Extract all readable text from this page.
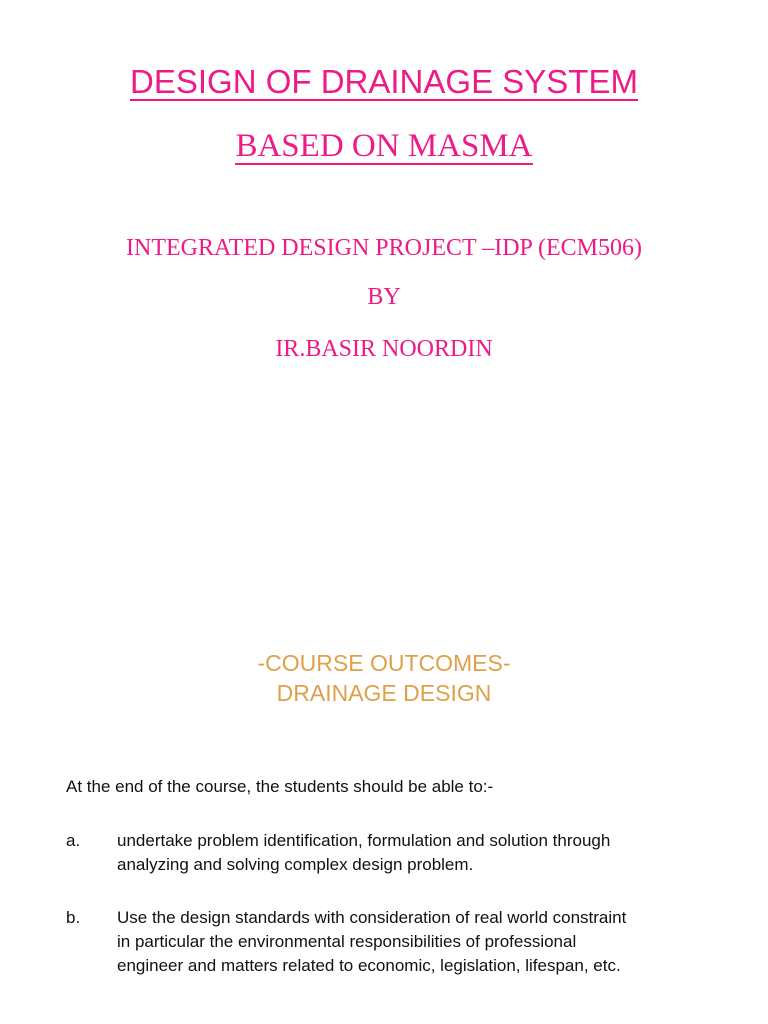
DESIGN OF DRAINAGE SYSTEM
BASED ON MASMA
INTEGRATED DESIGN PROJECT –IDP (ECM506)
BY
IR.BASIR NOORDIN
-COURSE OUTCOMES-
DRAINAGE DESIGN
At the end of the course, the students should be able to:-
a. undertake problem identification, formulation and solution through
analyzing and solving complex design problem.
b. Use the design standards with consideration of real world constraint
in particular the environmental responsibilities of professional
engineer and matters related to economic, legislation, lifespan, etc.
